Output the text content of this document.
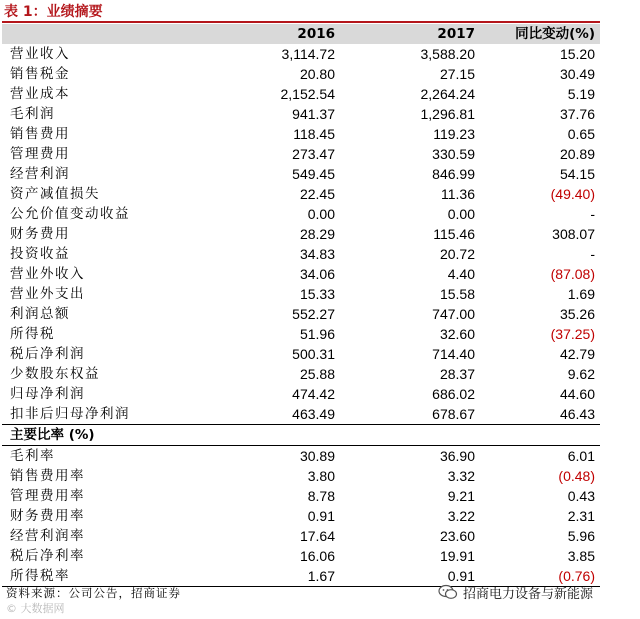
表 1：业绩摘要
	2016	2017	同比变动(%)
营业收入	3,114.72	3,588.20	15.20
销售税金	20.80	27.15	30.49
营业成本	2,152.54	2,264.24	5.19
毛利润	941.37	1,296.81	37.76
销售费用	118.45	119.23	0.65
管理费用	273.47	330.59	20.89
经营利润	549.45	846.99	54.15
资产减值损失	22.45	11.36	(49.40)
公允价值变动收益	0.00	0.00	-
财务费用	28.29	115.46	308.07
投资收益	34.83	20.72	-
营业外收入	34.06	4.40	(87.08)
营业外支出	15.33	15.58	1.69
利润总额	552.27	747.00	35.26
所得税	51.96	32.60	(37.25)
税后净利润	500.31	714.40	42.79
少数股东权益	25.88	28.37	9.62
归母净利润	474.42	686.02	44.60
扣非后归母净利润	463.49	678.67	46.43
主要比率 (%)			
毛利率	30.89	36.90	6.01
销售费用率	3.80	3.32	(0.48)
管理费用率	8.78	9.21	0.43
财务费用率	0.91	3.22	2.31
经营利润率	17.64	23.60	5.96
税后净利率	16.06	19.91	3.85
所得税率	1.67	0.91	(0.76)
资料来源：公司公告，招商证券	招商电力设备与新能源
© 大数据网
